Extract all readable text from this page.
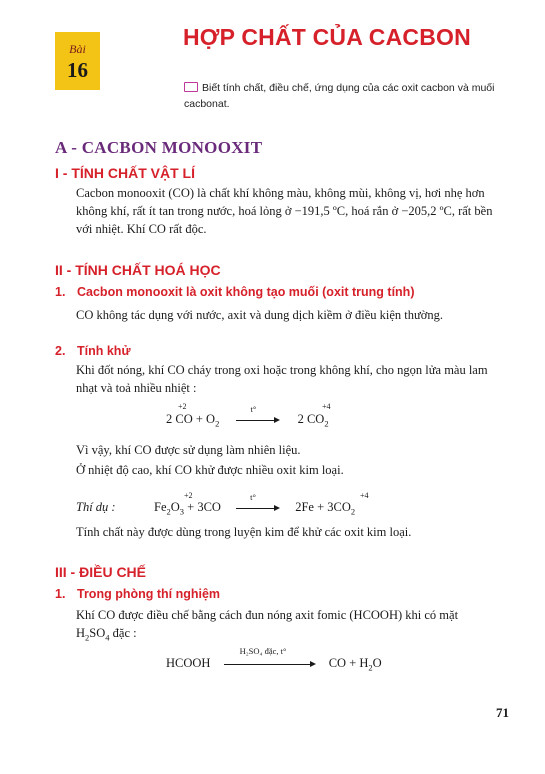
Bài
16
HỢP CHẤT CỦA CACBON
Biết tính chất, điều chế, ứng dụng của các oxit cacbon và muối cacbonat.
A - CACBON MONOOXIT
I - TÍNH CHẤT VẬT LÍ
Cacbon monooxit (CO) là chất khí không màu, không mùi, không vị, hơi nhẹ hơn không khí, rất ít tan trong nước, hoá lỏng ở −191,5 ºC, hoá rắn ở −205,2 ºC, rất bền với nhiệt. Khí CO rất độc.
II - TÍNH CHẤT HOÁ HỌC
1. Cacbon monooxit là oxit không tạo muối (oxit trung tính)
CO không tác dụng với nước, axit và dung dịch kiềm ở điều kiện thường.
2. Tính khử
Khi đốt nóng, khí CO cháy trong oxi hoặc trong không khí, cho ngọn lửa màu lam nhạt và toả nhiều nhiệt :
+2	+4
2 CO + $O_2$
t°
2 $CO_2$
Vì vậy, khí CO được sử dụng làm nhiên liệu.
Ở nhiệt độ cao, khí CO khử được nhiều oxit kim loại.
+2	+4
Thí dụ :	$Fe_2O_3 + 3CO$
t°
$2Fe + 3CO_2$
Tính chất này được dùng trong luyện kim để khử các oxit kim loại.
III - ĐIỀU CHẾ
1. Trong phòng thí nghiệm
Khí CO được điều chế bằng cách đun nóng axit fomic (HCOOH) khi có mặt
$H_2SO_4$ đặc :
HCOOH
H₂SO₄ đặc, t°
CO + $H_2O$
71
